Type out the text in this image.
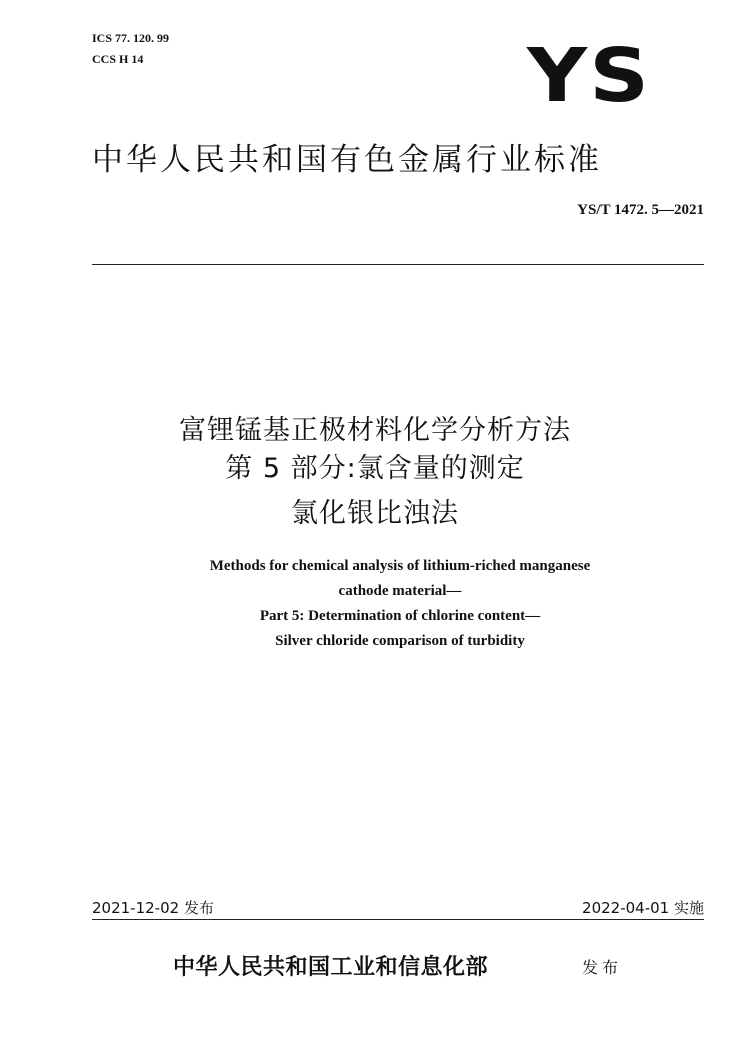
ICS 77. 120. 99
CCS H 14	YS
中华人民共和国有色金属行业标准
YS/T 1472. 5—2021
富锂锰基正极材料化学分析方法
第 5 部分:氯含量的测定
氯化银比浊法
Methods for chemical analysis of lithium-riched manganese
cathode material—
Part 5: Determination of chlorine content—
Silver chloride comparison of turbidity
2021-12-02 发布	2022-04-01 实施
中华人民共和国工业和信息化部	发布
